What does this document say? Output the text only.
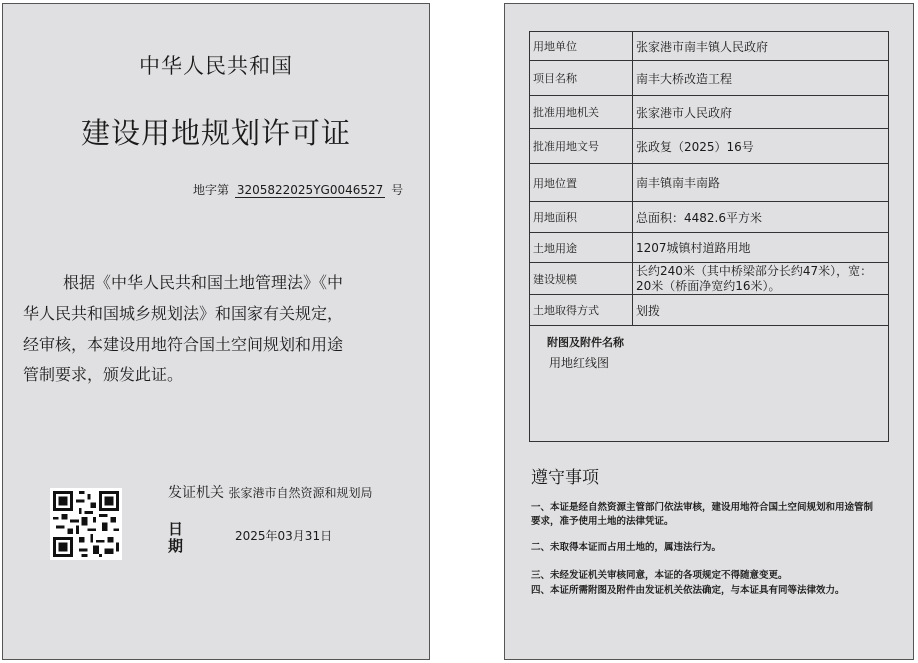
中华人民共和国
建设用地规划许可证
地字第 3205822025YG0046527 号
根据《中华人民共和国土地管理法》《中
华人民共和国城乡规划法》和国家有关规定，
经审核，本建设用地符合国土空间规划和用途
管制要求，颁发此证。
发证机关 张家港市自然资源和规划局
日
期
2025年03月31日
用地单位	张家港市南丰镇人民政府
项目名称	南丰大桥改造工程
批准用地机关	张家港市人民政府
批准用地文号	张政复（2025）16号
用地位置	南丰镇南丰南路
用地面积	总面积：4482.6平方米
土地用途	1207城镇村道路用地
建设规模	长约240米（其中桥梁部分长约47米），宽：20米（桥面净宽约16米）。
土地取得方式	划拨
附图及附件名称
用地红线图
遵守事项
一、本证是经自然资源主管部门依法审核，建设用地符合国土空间规划和用途管制要求，准予使用土地的法律凭证。
二、未取得本证而占用土地的，属违法行为。
三、未经发证机关审核同意，本证的各项规定不得随意变更。
四、本证所需附图及附件由发证机关依法确定，与本证具有同等法律效力。
